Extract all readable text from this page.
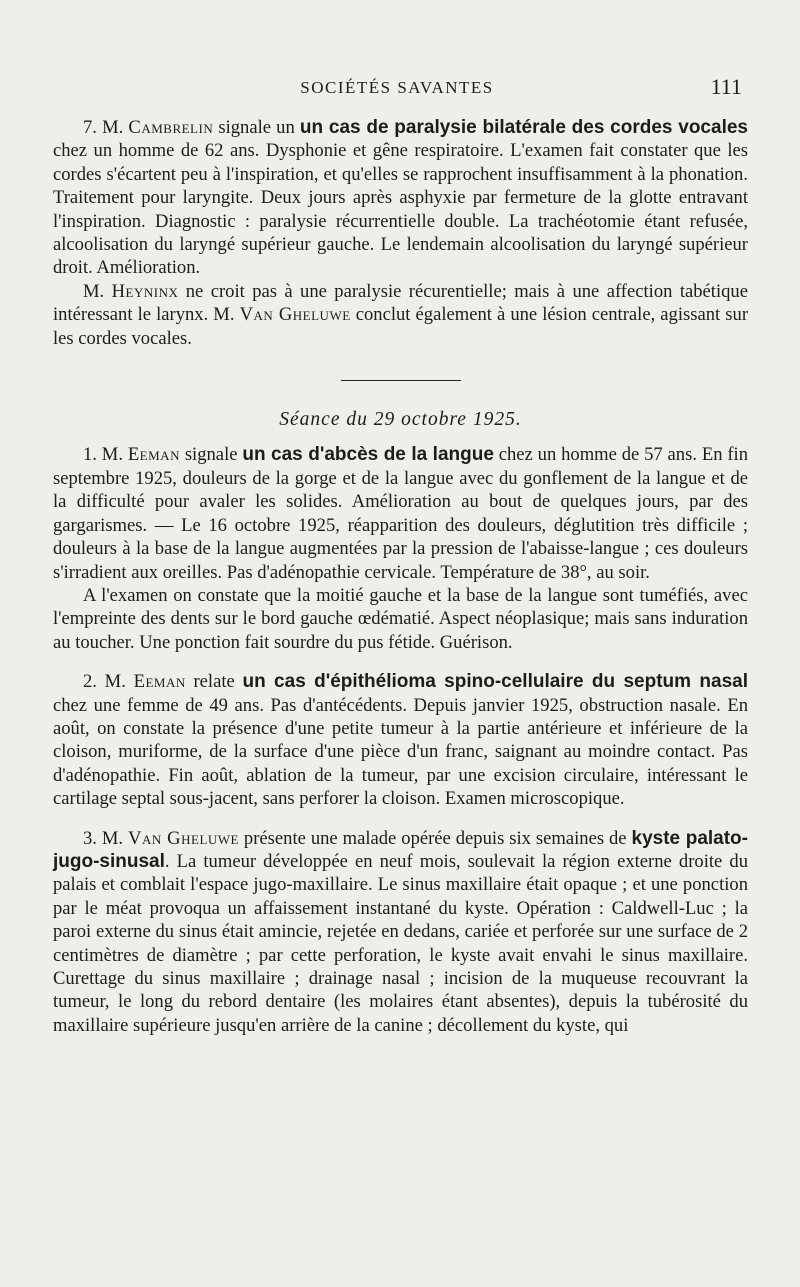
SOCIÉTÉS SAVANTES	111

7. M. Cambrelin signale un un cas de paralysie bilatérale des cordes vocales chez un homme de 62 ans. Dysphonie et gêne respiratoire. L'examen fait constater que les cordes s'écartent peu à l'inspiration, et qu'elles se rapprochent insuffisamment à la phonation. Traitement pour laryngite. Deux jours après asphyxie par fermeture de la glotte entravant l'inspiration. Diagnostic : paralysie récurrentielle double. La trachéotomie étant refusée, alcoolisation du laryngé supérieur gauche. Le lendemain alcoolisation du laryngé supérieur droit. Amélioration.

M. Heyninx ne croit pas à une paralysie récurentielle; mais à une affection tabétique intéressant le larynx. M. Van Gheluwe conclut également à une lésion centrale, agissant sur les cordes vocales.

Séance du 29 octobre 1925.

1. M. Eeman signale un cas d'abcès de la langue chez un homme de 57 ans. En fin septembre 1925, douleurs de la gorge et de la langue avec du gonflement de la langue et de la difficulté pour avaler les solides. Amélioration au bout de quelques jours, par des gargarismes. — Le 16 octobre 1925, réapparition des douleurs, déglutition très difficile ; douleurs à la base de la langue augmentées par la pression de l'abaisse-langue ; ces douleurs s'irradient aux oreilles. Pas d'adénopathie cervicale. Température de 38°, au soir.

A l'examen on constate que la moitié gauche et la base de la langue sont tuméfiés, avec l'empreinte des dents sur le bord gauche œdématié. Aspect néoplasique; mais sans induration au toucher. Une ponction fait sourdre du pus fétide. Guérison.

2. M. Eeman relate un cas d'épithélioma spino-cellulaire du septum nasal chez une femme de 49 ans. Pas d'antécédents. Depuis janvier 1925, obstruction nasale. En août, on constate la présence d'une petite tumeur à la partie antérieure et inférieure de la cloison, muriforme, de la surface d'une pièce d'un franc, saignant au moindre contact. Pas d'adénopathie. Fin août, ablation de la tumeur, par une excision circulaire, intéressant le cartilage septal sous-jacent, sans perforer la cloison. Examen microscopique.

3. M. Van Gheluwe présente une malade opérée depuis six semaines de kyste palato-jugo-sinusal. La tumeur développée en neuf mois, soulevait la région externe droite du palais et comblait l'espace jugo-maxillaire. Le sinus maxillaire était opaque ; et une ponction par le méat provoqua un affaissement instantané du kyste. Opération : Caldwell-Luc ; la paroi externe du sinus était amincie, rejetée en dedans, cariée et perforée sur une surface de 2 centimètres de diamètre ; par cette perforation, le kyste avait envahi le sinus maxillaire. Curettage du sinus maxillaire ; drainage nasal ; incision de la muqueuse recouvrant la tumeur, le long du rebord dentaire (les molaires étant absentes), depuis la tubérosité du maxillaire supérieure jusqu'en arrière de la canine ; décollement du kyste, qui
